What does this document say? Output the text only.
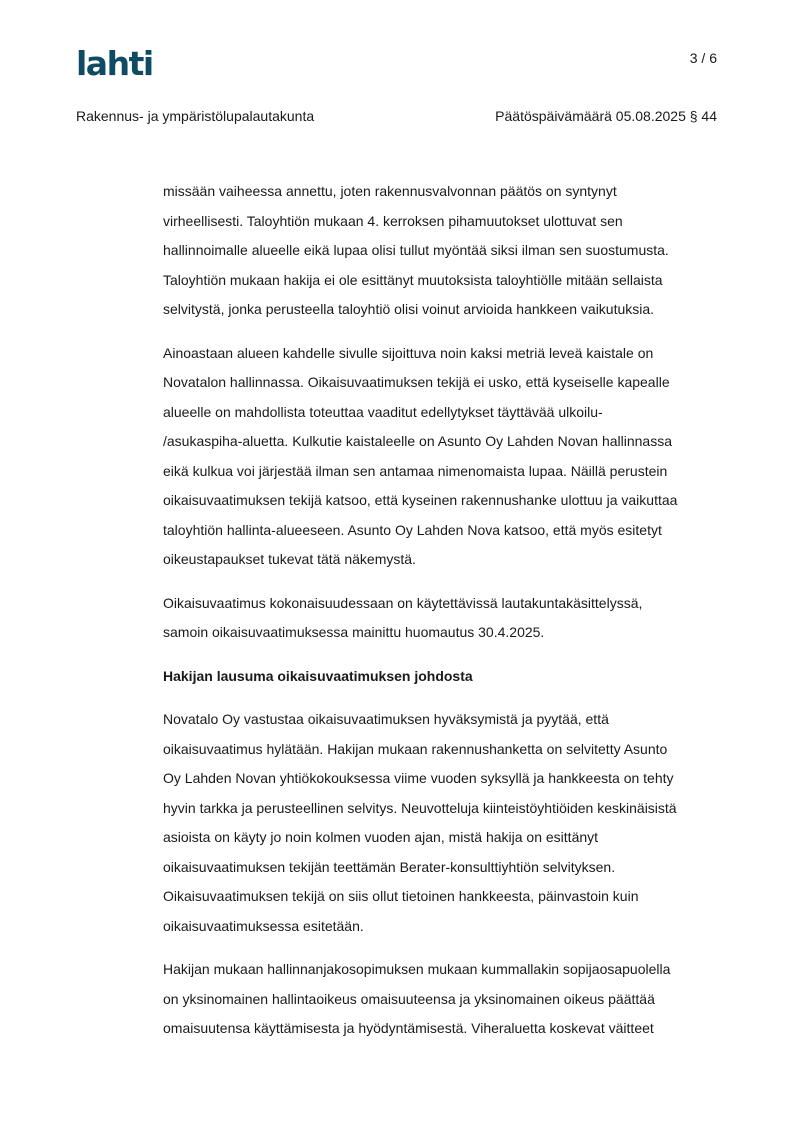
lahti	3 / 6
Rakennus- ja ympäristölupalautakunta	Päätöspäivämäärä 05.08.2025 § 44

missään vaiheessa annettu, joten rakennusvalvonnan päätös on syntynyt
virheellisesti. Taloyhtiön mukaan 4. kerroksen pihamuutokset ulottuvat sen
hallinnoimalle alueelle eikä lupaa olisi tullut myöntää siksi ilman sen suostumusta.
Taloyhtiön mukaan hakija ei ole esittänyt muutoksista taloyhtiölle mitään sellaista
selvitystä, jonka perusteella taloyhtiö olisi voinut arvioida hankkeen vaikutuksia.

Ainoastaan alueen kahdelle sivulle sijoittuva noin kaksi metriä leveä kaistale on
Novatalon hallinnassa. Oikaisuvaatimuksen tekijä ei usko, että kyseiselle kapealle
alueelle on mahdollista toteuttaa vaaditut edellytykset täyttävää ulkoilu-
/asukaspiha-aluetta. Kulkutie kaistaleelle on Asunto Oy Lahden Novan hallinnassa
eikä kulkua voi järjestää ilman sen antamaa nimenomaista lupaa. Näillä perustein
oikaisuvaatimuksen tekijä katsoo, että kyseinen rakennushanke ulottuu ja vaikuttaa
taloyhtiön hallinta-alueeseen. Asunto Oy Lahden Nova katsoo, että myös esitetyt
oikeustapaukset tukevat tätä näkemystä.

Oikaisuvaatimus kokonaisuudessaan on käytettävissä lautakuntakäsittelyssä,
samoin oikaisuvaatimuksessa mainittu huomautus 30.4.2025.

Hakijan lausuma oikaisuvaatimuksen johdosta

Novatalo Oy vastustaa oikaisuvaatimuksen hyväksymistä ja pyytää, että
oikaisuvaatimus hylätään. Hakijan mukaan rakennushanketta on selvitetty Asunto
Oy Lahden Novan yhtiökokouksessa viime vuoden syksyllä ja hankkeesta on tehty
hyvin tarkka ja perusteellinen selvitys. Neuvotteluja kiinteistöyhtiöiden keskinäisistä
asioista on käyty jo noin kolmen vuoden ajan, mistä hakija on esittänyt
oikaisuvaatimuksen tekijän teettämän Berater-konsulttiyhtiön selvityksen.
Oikaisuvaatimuksen tekijä on siis ollut tietoinen hankkeesta, päinvastoin kuin
oikaisuvaatimuksessa esitetään.

Hakijan mukaan hallinnanjakosopimuksen mukaan kummallakin sopijaosapuolella
on yksinomainen hallintaoikeus omaisuuteensa ja yksinomainen oikeus päättää
omaisuutensa käyttämisesta ja hyödyntämisestä. Viheraluetta koskevat väitteet
